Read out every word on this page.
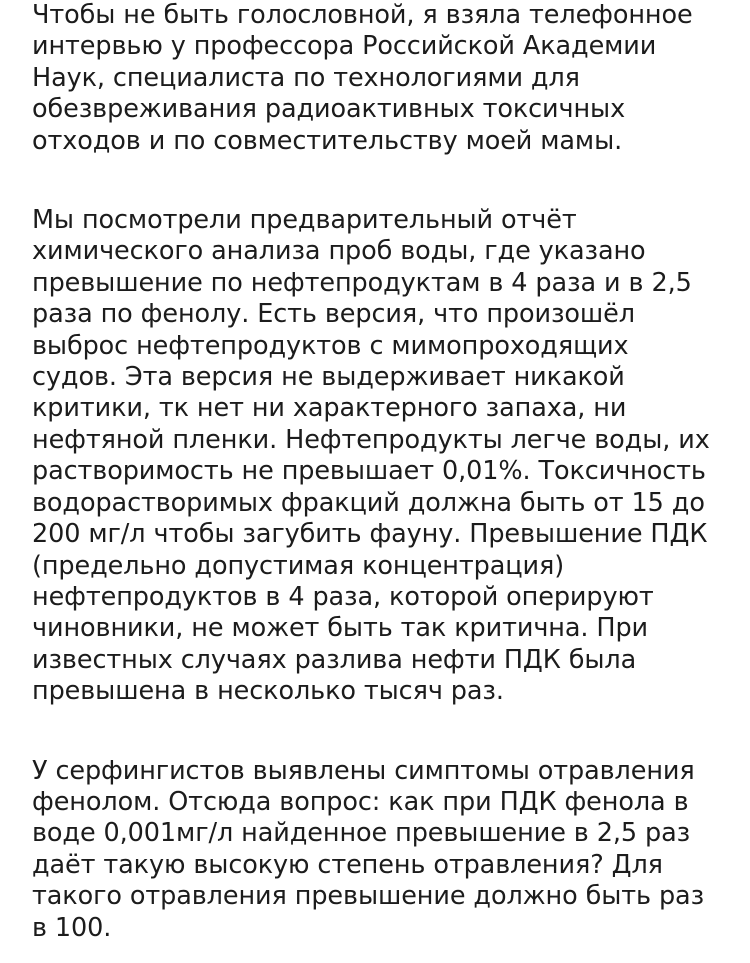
Чтобы не быть голословной, я взяла телефонное
интервью у профессора Российской Академии
Наук, специалиста по технологиями для
обезвреживания радиоактивных токсичных
отходов и по совместительству моей мамы.

Мы посмотрели предварительный отчёт
химического анализа проб воды, где указано
превышение по нефтепродуктам в 4 раза и в 2,5
раза по фенолу. Есть версия, что произошёл
выброс нефтепродуктов с мимопроходящих
судов. Эта версия не выдерживает никакой
критики, тк нет ни характерного запаха, ни
нефтяной пленки. Нефтепродукты легче воды, их
растворимость не превышает 0,01%. Токсичность
водорастворимых фракций должна быть от 15 до
200 мг/л чтобы загубить фауну. Превышение ПДК
(предельно допустимая концентрация)
нефтепродуктов в 4 раза, которой оперируют
чиновники, не может быть так критична. При
известных случаях разлива нефти ПДК была
превышена в несколько тысяч раз.

У серфингистов выявлены симптомы отравления
фенолом. Отсюда вопрос: как при ПДК фенола в
воде 0,001мг/л найденное превышение в 2,5 раз
даёт такую высокую степень отравления? Для
такого отравления превышение должно быть раз
в 100.
